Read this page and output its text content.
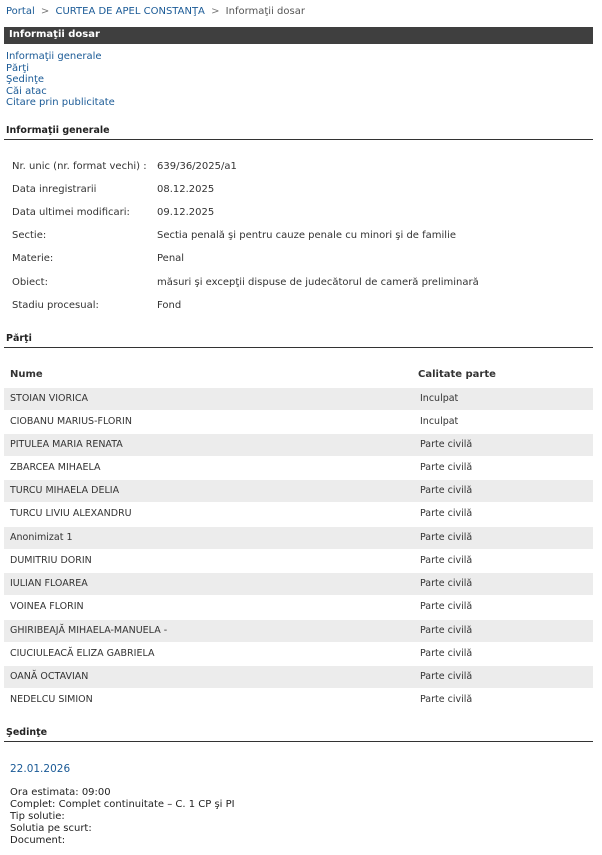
Portal > CURTEA DE APEL CONSTANŢA > Informaţii dosar
Informaţii dosar
Informaţii generale
Părţi
Şedinţe
Căi atac
Citare prin publicitate
Informaţii generale
Nr. unic (nr. format vechi) : 639/36/2025/a1
Data inregistrarii	08.12.2025
Data ultimei modificari:	09.12.2025
Sectie:	Sectia penală şi pentru cauze penale cu minori şi de familie
Materie:	Penal
Obiect:	măsuri şi excepţii dispuse de judecătorul de cameră preliminară
Stadiu procesual:	Fond
Părţi
Nume	Calitate parte
STOIAN VIORICA	Inculpat
CIOBANU MARIUS-FLORIN	Inculpat
PITULEA MARIA RENATA	Parte civilă
ZBARCEA MIHAELA	Parte civilă
TURCU MIHAELA DELIA	Parte civilă
TURCU LIVIU ALEXANDRU	Parte civilă
Anonimizat 1	Parte civilă
DUMITRIU DORIN	Parte civilă
IULIAN FLOAREA	Parte civilă
VOINEA FLORIN	Parte civilă
GHIRIBEAJĂ MIHAELA-MANUELA -	Parte civilă
CIUCIULEACĂ ELIZA GABRIELA	Parte civilă
OANĂ OCTAVIAN	Parte civilă
NEDELCU SIMION	Parte civilă
Şedinţe
22.01.2026
Ora estimata: 09:00
Complet: Complet continuitate – C. 1 CP şi PI
Tip solutie:
Solutia pe scurt:
Document:
